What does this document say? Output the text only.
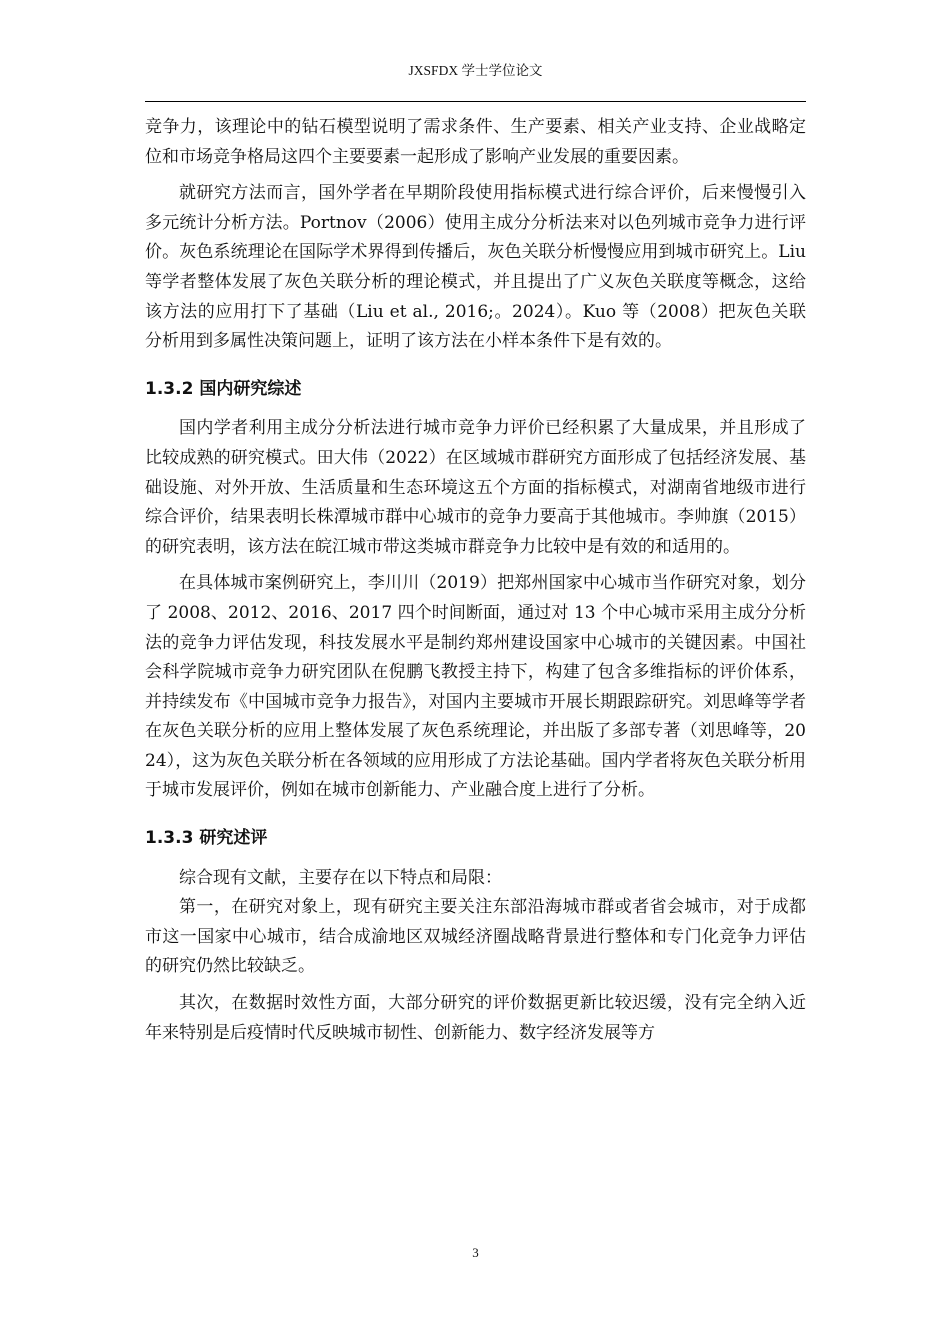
JXSFDX 学士学位论文

竞争力，该理论中的钻石模型说明了需求条件、生产要素、相关产业支持、企业战略定位和市场竞争格局这四个主要要素一起形成了影响产业发展的重要因素。

就研究方法而言，国外学者在早期阶段使用指标模式进行综合评价，后来慢慢引入多元统计分析方法。Portnov（2006）使用主成分分析法来对以色列城市竞争力进行评价。灰色系统理论在国际学术界得到传播后，灰色关联分析慢慢应用到城市研究上。Liu 等学者整体发展了灰色关联分析的理论模式，并且提出了广义灰色关联度等概念，这给该方法的应用打下了基础（Liu et al., 2016;。2024）。Kuo 等（2008）把灰色关联分析用到多属性决策问题上，证明了该方法在小样本条件下是有效的。

1.3.2 国内研究综述

国内学者利用主成分分析法进行城市竞争力评价已经积累了大量成果，并且形成了比较成熟的研究模式。田大伟（2022）在区域城市群研究方面形成了包括经济发展、基础设施、对外开放、生活质量和生态环境这五个方面的指标模式，对湖南省地级市进行综合评价，结果表明长株潭城市群中心城市的竞争力要高于其他城市。李帅旗（2015）的研究表明，该方法在皖江城市带这类城市群竞争力比较中是有效的和适用的。

在具体城市案例研究上，李川川（2019）把郑州国家中心城市当作研究对象，划分了 2008、2012、2016、2017 四个时间断面，通过对 13 个中心城市采用主成分分析法的竞争力评估发现，科技发展水平是制约郑州建设国家中心城市的关键因素。中国社会科学院城市竞争力研究团队在倪鹏飞教授主持下，构建了包含多维指标的评价体系，并持续发布《中国城市竞争力报告》，对国内主要城市开展长期跟踪研究。刘思峰等学者在灰色关联分析的应用上整体发展了灰色系统理论，并出版了多部专著（刘思峰等，2024），这为灰色关联分析在各领域的应用形成了方法论基础。国内学者将灰色关联分析用于城市发展评价，例如在城市创新能力、产业融合度上进行了分析。

1.3.3 研究述评

综合现有文献，主要存在以下特点和局限：

第一，在研究对象上，现有研究主要关注东部沿海城市群或者省会城市，对于成都市这一国家中心城市，结合成渝地区双城经济圈战略背景进行整体和专门化竞争力评估的研究仍然比较缺乏。

其次，在数据时效性方面，大部分研究的评价数据更新比较迟缓，没有完全纳入近年来特别是后疫情时代反映城市韧性、创新能力、数字经济发展等方

3
